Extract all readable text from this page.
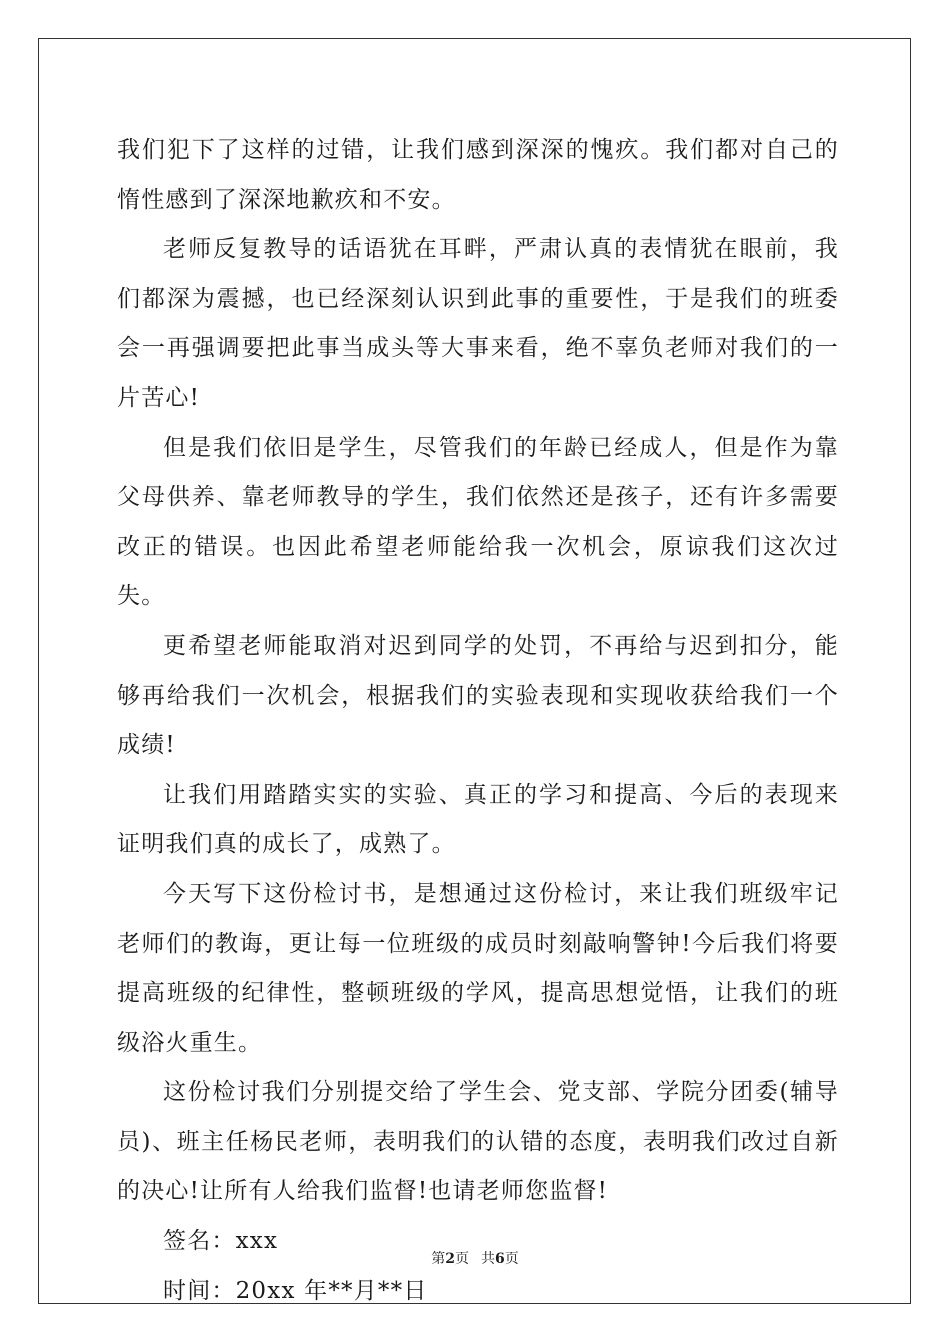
我们犯下了这样的过错，让我们感到深深的愧疚。我们都对自己的惰性感到了深深地歉疚和不安。

老师反复教导的话语犹在耳畔，严肃认真的表情犹在眼前，我们都深为震撼，也已经深刻认识到此事的重要性，于是我们的班委会一再强调要把此事当成头等大事来看，绝不辜负老师对我们的一片苦心!

但是我们依旧是学生，尽管我们的年龄已经成人，但是作为靠父母供养、靠老师教导的学生，我们依然还是孩子，还有许多需要改正的错误。也因此希望老师能给我一次机会，原谅我们这次过失。

更希望老师能取消对迟到同学的处罚，不再给与迟到扣分，能够再给我们一次机会，根据我们的实验表现和实现收获给我们一个成绩!

让我们用踏踏实实的实验、真正的学习和提高、今后的表现来证明我们真的成长了，成熟了。

今天写下这份检讨书，是想通过这份检讨，来让我们班级牢记老师们的教诲，更让每一位班级的成员时刻敲响警钟!今后我们将要提高班级的纪律性，整顿班级的学风，提高思想觉悟，让我们的班级浴火重生。

这份检讨我们分别提交给了学生会、党支部、学院分团委(辅导员)、班主任杨民老师，表明我们的认错的态度，表明我们改过自新的决心!让所有人给我们监督!也请老师您监督!

签名：xxx

时间：20xx 年**月**日

第2页 共6页
